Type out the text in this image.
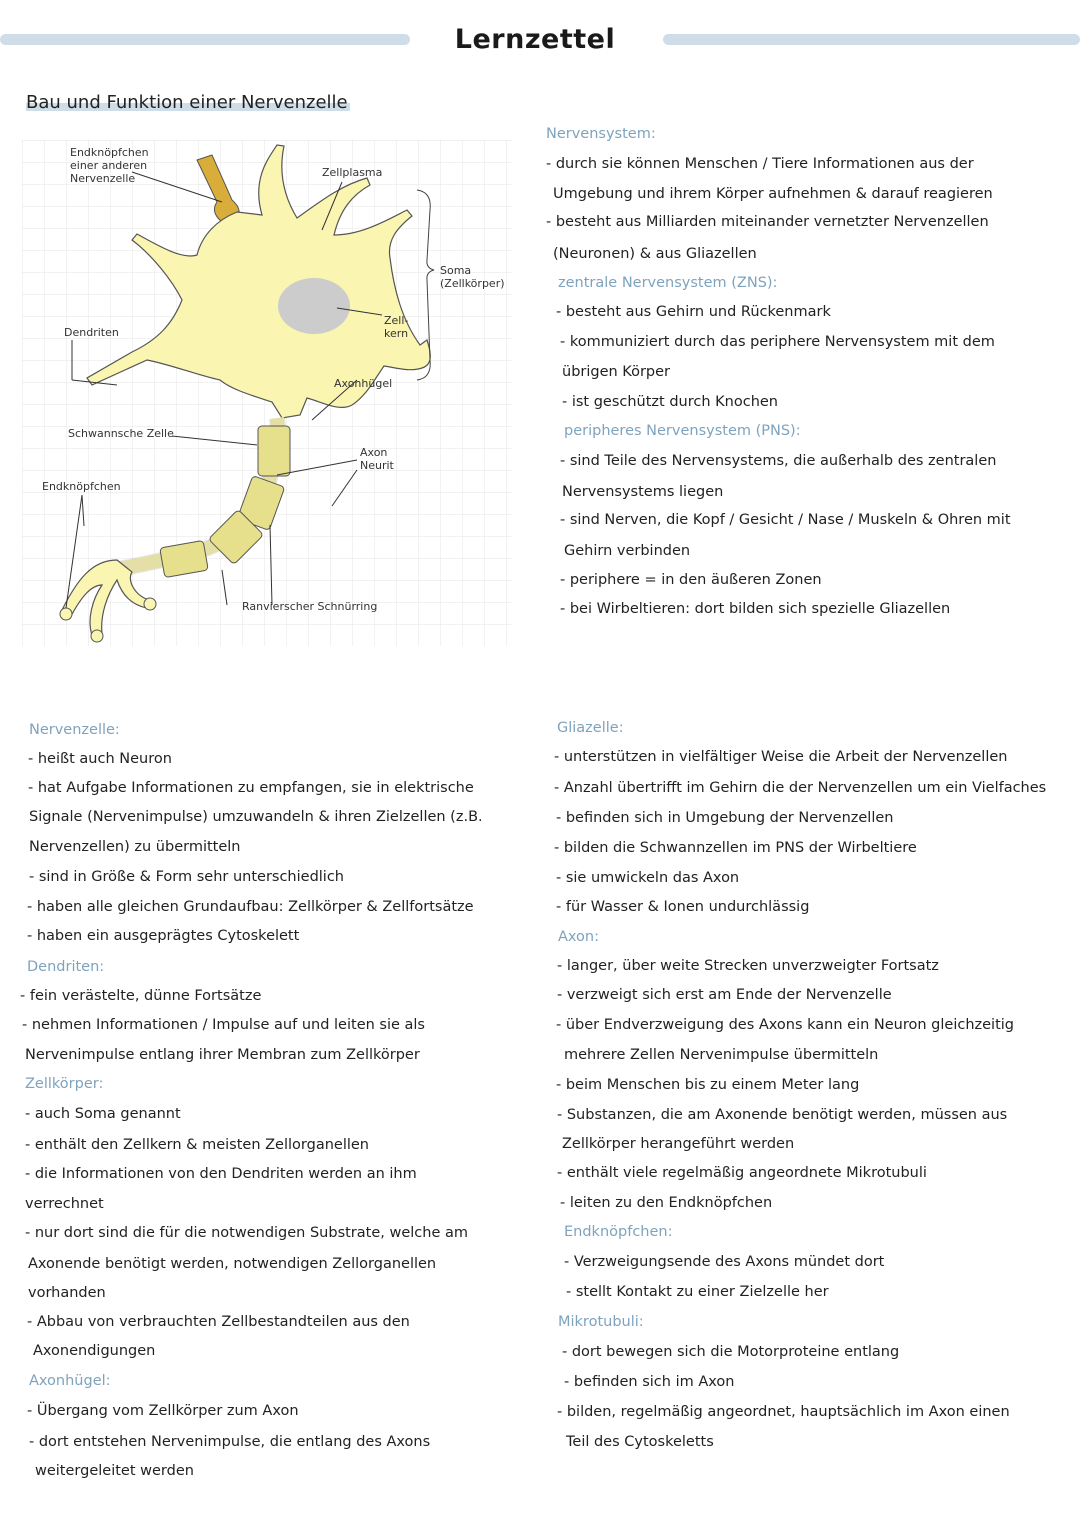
Lernzettel
Bau und Funktion einer Nervenzelle
Endknöpfchen
einer anderen
Nervenzelle	Zellplasma
Soma
(Zellkörper)
Zell-
kern
Dendriten
Axonhügel
Schwannsche Zelle
Axon
Neurit
Endknöpfchen
Ranvierscher Schnürring
Nervensystem:
- durch sie können Menschen / Tiere Informationen aus der
Umgebung und ihrem Körper aufnehmen & darauf reagieren
- besteht aus Milliarden miteinander vernetzter Nervenzellen
(Neuronen) & aus Gliazellen
zentrale Nervensystem (ZNS):
- besteht aus Gehirn und Rückenmark
- kommuniziert durch das periphere Nervensystem mit dem
übrigen Körper
- ist geschützt durch Knochen
peripheres Nervensystem (PNS):
- sind Teile des Nervensystems, die außerhalb des zentralen
Nervensystems liegen
- sind Nerven, die Kopf / Gesicht / Nase / Muskeln & Ohren mit
Gehirn verbinden
- periphere = in den äußeren Zonen
- bei Wirbeltieren: dort bilden sich spezielle Gliazellen
Nervenzelle:
- heißt auch Neuron
- hat Aufgabe Informationen zu empfangen, sie in elektrische
Signale (Nervenimpulse) umzuwandeln & ihren Zielzellen (z.B.
Nervenzellen) zu übermitteln
- sind in Größe & Form sehr unterschiedlich
- haben alle gleichen Grundaufbau: Zellkörper & Zellfortsätze
- haben ein ausgeprägtes Cytoskelett
Dendriten:
- fein verästelte, dünne Fortsätze
- nehmen Informationen / Impulse auf und leiten sie als
Nervenimpulse entlang ihrer Membran zum Zellkörper
Zellkörper:
- auch Soma genannt
- enthält den Zellkern & meisten Zellorganellen
- die Informationen von den Dendriten werden an ihm
verrechnet
- nur dort sind die für die notwendigen Substrate, welche am
Axonende benötigt werden, notwendigen Zellorganellen
vorhanden
- Abbau von verbrauchten Zellbestandteilen aus den
Axonendigungen
Axonhügel:
- Übergang vom Zellkörper zum Axon
- dort entstehen Nervenimpulse, die entlang des Axons
weitergeleitet werden
Gliazelle:
- unterstützen in vielfältiger Weise die Arbeit der Nervenzellen
- Anzahl übertrifft im Gehirn die der Nervenzellen um ein Vielfaches
- befinden sich in Umgebung der Nervenzellen
- bilden die Schwannzellen im PNS der Wirbeltiere
- sie umwickeln das Axon
- für Wasser & Ionen undurchlässig
Axon:
- langer, über weite Strecken unverzweigter Fortsatz
- verzweigt sich erst am Ende der Nervenzelle
- über Endverzweigung des Axons kann ein Neuron gleichzeitig
mehrere Zellen Nervenimpulse übermitteln
- beim Menschen bis zu einem Meter lang
- Substanzen, die am Axonende benötigt werden, müssen aus
Zellkörper herangeführt werden
- enthält viele regelmäßig angeordnete Mikrotubuli
- leiten zu den Endknöpfchen
Endknöpfchen:
- Verzweigungsende des Axons mündet dort
- stellt Kontakt zu einer Zielzelle her
Mikrotubuli:
- dort bewegen sich die Motorproteine entlang
- befinden sich im Axon
- bilden, regelmäßig angeordnet, hauptsächlich im Axon einen
Teil des Cytoskeletts
